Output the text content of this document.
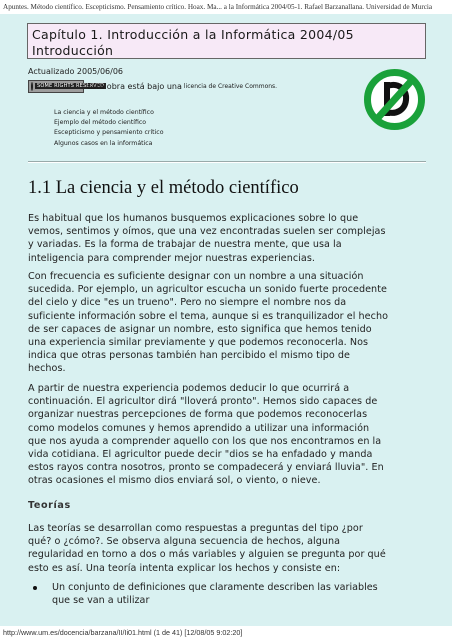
Apuntes. Método científico. Escepticismo. Pensamiento crítico. Hoax. Ma... a la Informática 2004/05-1. Rafael Barzanallana. Universidad de Murcia
Capítulo 1. Introducción a la Informática 2004/05
Introducción
Actualizado 2005/06/06
SOME RIGHTS RESERVED
Esta obra está bajo una licencia de Creative Commons.
La ciencia y el método científico
Ejemplo del método científico
Escepticismo y pensamiento crítico
Algunos casos en la informática
1.1 La ciencia y el método científico
Es habitual que los humanos busquemos explicaciones sobre lo que
vemos, sentimos y oímos, que una vez encontradas suelen ser complejas
y variadas. Es la forma de trabajar de nuestra mente, que usa la
inteligencia para comprender mejor nuestras experiencias.
Con frecuencia es suficiente designar con un nombre a una situación
sucedida. Por ejemplo, un agricultor escucha un sonido fuerte procedente
del cielo y dice "es un trueno". Pero no siempre el nombre nos da
suficiente información sobre el tema, aunque si es tranquilizador el hecho
de ser capaces de asignar un nombre, esto significa que hemos tenido
una experiencia similar previamente y que podemos reconocerla. Nos
indica que otras personas también han percibido el mismo tipo de
hechos.
A partir de nuestra experiencia podemos deducir lo que ocurrirá a
continuación. El agricultor dirá "lloverá pronto". Hemos sido capaces de
organizar nuestras percepciones de forma que podemos reconocerlas
como modelos comunes y hemos aprendido a utilizar una información
que nos ayuda a comprender aquello con los que nos encontramos en la
vida cotidiana. El agricultor puede decir "dios se ha enfadado y manda
estos rayos contra nosotros, pronto se compadecerá y enviará lluvia". En
otras ocasiones el mismo dios enviará sol, o viento, o nieve.
Teorías
Las teorías se desarrollan como respuestas a preguntas del tipo ¿por
qué? o ¿cómo?. Se observa alguna secuencia de hechos, alguna
regularidad en torno a dos o más variables y alguien se pregunta por qué
esto es así. Una teoría intenta explicar los hechos y consiste en:
Un conjunto de definiciones que claramente describen las variables
que se van a utilizar
http://www.um.es/docencia/barzana/II/Ii01.html (1 de 41) [12/08/05 9:02:20]
